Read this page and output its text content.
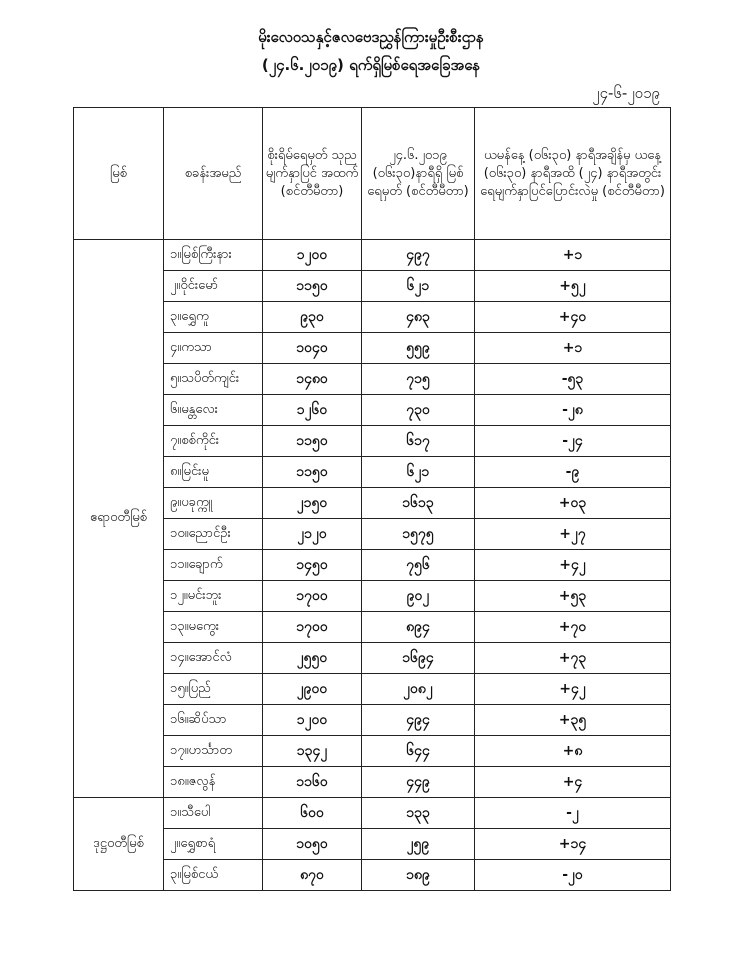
မိုးလေဝသနှင့်ဇလဗေဒညွှန်ကြားမှုဦးစီးဌာန
(၂၄.၆.၂၀၁၉) ရက်ရှိမြစ်ရေအခြေအနေ
၂၄-၆-၂၀၁၉
မြစ်	စခန်းအမည်	စိုးရိမ်ရေမှတ် သုည မျက်နှာပြင် အထက် (စင်တီမီတာ)	၂၄.၆.၂၀၁၉ (၀၆း၃၀)နာရီရှိ မြစ်ရေမှတ် (စင်တီမီတာ)	ယမန်နေ့ (၀၆း၃၀) နာရီအချိန်မှ ယနေ့ (၀၆း၃၀) နာရီအထိ (၂၄) နာရီအတွင်း ရေမျက်နှာပြင်ပြောင်းလဲမှု (စင်တီမီတာ)
ဧရာဝတီမြစ်	၁။မြစ်ကြီးနား	၁၂၀၀	၄၉၇	+၁
	၂။ဝိုင်းမော်	၁၁၅၀	၆၂၁	+၅၂
	၃။ရွှေကူ	၉၃၀	၄၈၃	+၄၀
	၄။ကသာ	၁၀၄၀	၅၅၉	+၁
	၅။သပိတ်ကျင်း	၁၄၈၀	၇၁၅	-၅၃
	၆။မန္တလေး	၁၂၆၀	၇၃၀	-၂၈
	၇။စစ်ကိုင်း	၁၁၅၀	၆၁၇	-၂၄
	၈။မြင်းမူ	၁၁၅၀	၆၂၁	-၉
	၉။ပခုက္ကူ	၂၁၅၀	၁၆၁၃	+၀၃
	၁၀။ညောင်ဦး	၂၁၂၀	၁၅၇၅	+၂၇
	၁၁။ချောက်	၁၄၅၀	၇၅၆	+၄၂
	၁၂။မင်းဘူး	၁၇၀၀	၉၀၂	+၅၃
	၁၃။မကွေး	၁၇၀၀	၈၉၄	+၇၀
	၁၄။အောင်လံ	၂၅၅၀	၁၆၉၄	+၇၃
	၁၅။ပြည်	၂၉၀၀	၂၀၈၂	+၄၂
	၁၆။ဆိပ်သာ	၁၂၀၀	၄၉၄	+၃၅
	၁၇။ဟင်္သာတ	၁၃၄၂	၆၄၄	+၈
	၁၈။ဇလွန်	၁၁၆၀	၄၄၉	+၄
ဒုဋ္ဌဝတီမြစ်	၁။သီပေါ	၆၀၀	၁၃၃	-၂
	၂။ရွှေစာရံ	၁၀၅၀	၂၅၉	+၁၄
	၃။မြစ်ငယ်	၈၇၀	၁၈၉	-၂၀
